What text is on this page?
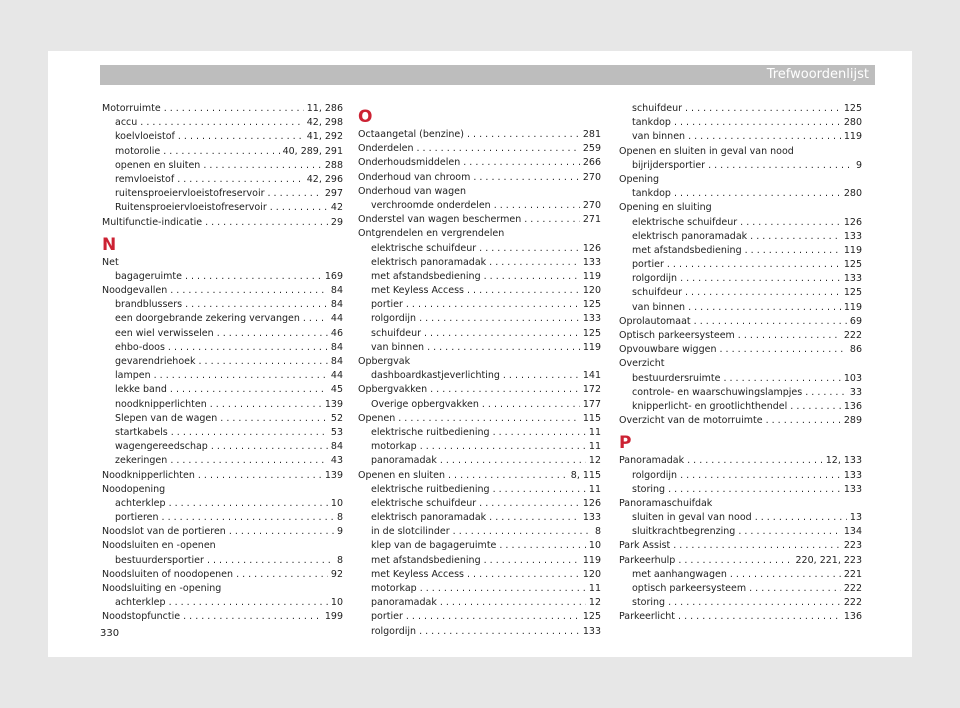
Trefwoordenlijst
Motorruimte . . .	11, 286
accu . . .	42, 298
koelvloeistof . . .	41, 292
motorolie . . .	40, 289, 291
openen en sluiten . . .	288
remvloeistof . . .	42, 296
ruitensproeiervloeistofreservoir . . .	297
Ruitensproeiervloeistofreservoir . . .	42
Multifunctie-indicatie . . .	29
N
Net
bagageruimte . . .	169
Noodgevallen . . .	84
brandblussers . . .	84
een doorgebrande zekering vervangen . . .	44
een wiel verwisselen . . .	46
ehbo-doos . . .	84
gevarendriehoek . . .	84
lampen . . .	44
lekke band . . .	45
noodknipperlichten . . .	139
Slepen van de wagen . . .	52
startkabels . . .	53
wagengereedschap . . .	84
zekeringen . . .	43
Noodknipperlichten . . .	139
Noodopening
achterklep . . .	10
portieren . . .	8
Noodslot van de portieren . . .	9
Noodsluiten en -openen
bestuurdersportier . . .	8
Noodsluiten of noodopenen . . .	92
Noodsluiting en -opening
achterklep . . .	10
Noodstopfunctie . . .	199
O
Octaangetal (benzine) . . .	281
Onderdelen . . .	259
Onderhoudsmiddelen . . .	266
Onderhoud van chroom . . .	270
Onderhoud van wagen
verchroomde onderdelen . . .	270
Onderstel van wagen beschermen . . .	271
Ontgrendelen en vergrendelen
elektrische schuifdeur . . .	126
elektrisch panoramadak . . .	133
met afstandsbediening . . .	119
met Keyless Access . . .	120
portier . . .	125
rolgordijn . . .	133
schuifdeur . . .	125
van binnen . . .	119
Opbergvak
dashboardkastjeverlichting . . .	141
Opbergvakken . . .	172
Overige opbergvakken . . .	177
Openen . . .	115
elektrische ruitbediening . . .	11
motorkap . . .	11
panoramadak . . .	12
Openen en sluiten . . .	8, 115
elektrische ruitbediening . . .	11
elektrische schuifdeur . . .	126
elektrisch panoramadak . . .	133
in de slotcilinder . . .	8
klep van de bagageruimte . . .	10
met afstandsbediening . . .	119
met Keyless Access . . .	120
motorkap . . .	11
panoramadak . . .	12
portier . . .	125
rolgordijn . . .	133
schuifdeur . . .	125
tankdop . . .	280
van binnen . . .	119
Openen en sluiten in geval van nood
bijrijdersportier . . .	9
Opening
tankdop . . .	280
Opening en sluiting
elektrische schuifdeur . . .	126
elektrisch panoramadak . . .	133
met afstandsbediening . . .	119
portier . . .	125
rolgordijn . . .	133
schuifdeur . . .	125
van binnen . . .	119
Oprolautomaat . . .	69
Optisch parkeersysteem . . .	222
Opvouwbare wiggen . . .	86
Overzicht
bestuurdersruimte . . .	103
controle- en waarschuwingslampjes . . .	33
knipperlicht- en grootlichthendel . . .	136
Overzicht van de motorruimte . . .	289
P
Panoramadak . . .	12, 133
rolgordijn . . .	133
storing . . .	133
Panoramaschuifdak
sluiten in geval van nood . . .	13
sluitkrachtbegrenzing . . .	134
Park Assist . . .	223
Parkeerhulp . . .	220, 221, 223
met aanhangwagen . . .	221
optisch parkeersysteem . . .	222
storing . . .	222
Parkeerlicht . . .	136
330
